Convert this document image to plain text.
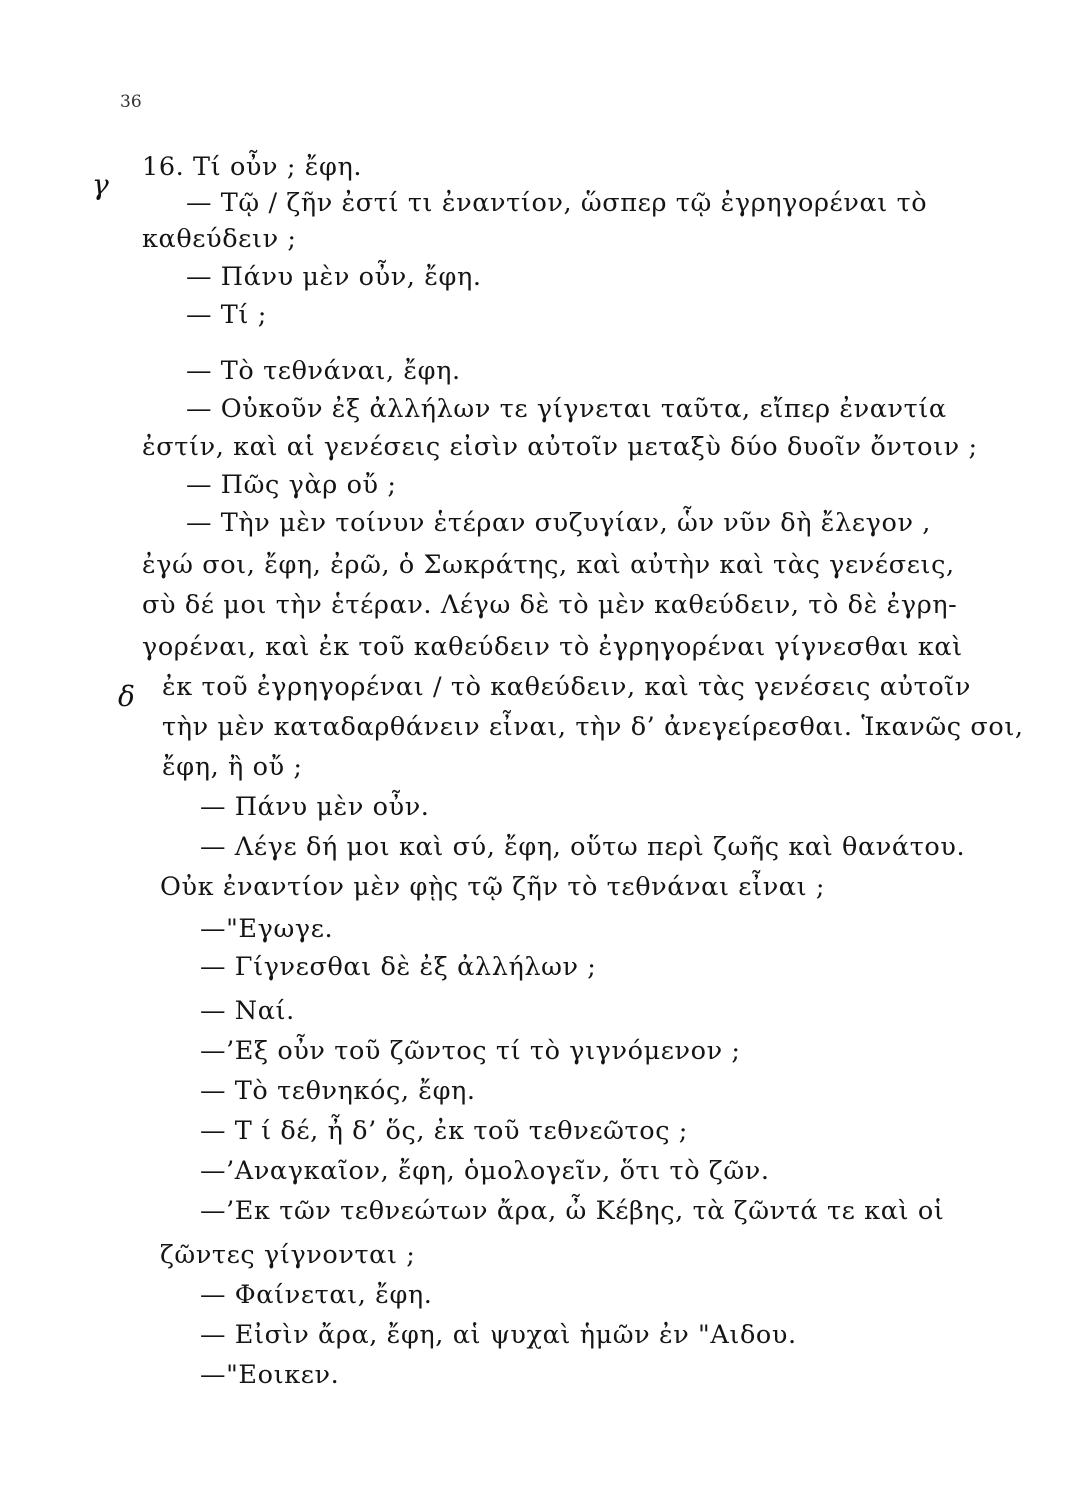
36
γ
δ
16. Τί οὖν ; ἔφη.
— Τῷ / ζῆν ἐστί τι ἐναντίον, ὥσπερ τῷ ἐγρηγορέναι τὸ
καθεύδειν ;
— Πάνυ μὲν οὖν, ἔφη.
— Τί ;
— Τὸ τεθνάναι, ἔφη.
— Οὐκοῦν ἐξ ἀλλήλων τε γίγνεται ταῦτα, εἴπερ ἐναντία
ἐστίν, καὶ αἱ γενέσεις εἰσὶν αὐτοῖν μεταξὺ δύο δυοῖν ὄντοιν ;
— Πῶς γὰρ οὔ ;
— Τὴν μὲν τοίνυν ἑτέραν συζυγίαν, ὧν νῦν δὴ ἔλεγον ,
ἐγώ σοι, ἔφη, ἐρῶ, ὁ Σωκράτης, καὶ αὐτὴν καὶ τὰς γενέσεις,
σὺ δέ μοι τὴν ἑτέραν. Λέγω δὲ τὸ μὲν καθεύδειν, τὸ δὲ ἐγρη-
γορέναι, καὶ ἐκ τοῦ καθεύδειν τὸ ἐγρηγορέναι γίγνεσθαι καὶ
ἐκ τοῦ ἐγρηγορέναι / τὸ καθεύδειν, καὶ τὰς γενέσεις αὐτοῖν
τὴν μὲν καταδαρθάνειν εἶναι, τὴν δ’ ἀνεγείρεσθαι. Ἱκανῶς σοι,
ἔφη, ἢ οὔ ;
— Πάνυ μὲν οὖν.
— Λέγε δή μοι καὶ σύ, ἔφη, οὕτω περὶ ζωῆς καὶ θανάτου.
Οὐκ ἐναντίον μὲν φῂς τῷ ζῆν τὸ τεθνάναι εἶναι ;
—"Εγωγε.
— Γίγνεσθαι δὲ ἐξ ἀλλήλων ;
— Ναί.
—’Εξ οὖν τοῦ ζῶντος τί τὸ γιγνόμενον ;
— Τὸ τεθνηκός, ἔφη.
— Τ ί δέ, ἦ δ’ ὅς, ἐκ τοῦ τεθνεῶτος ;
—’Αναγκαῖον, ἔφη, ὁμολογεῖν, ὅτι τὸ ζῶν.
—’Εκ τῶν τεθνεώτων ἄρα, ὦ Κέβης, τὰ ζῶντά τε καὶ οἱ
ζῶντες γίγνονται ;
— Φαίνεται, ἔφη.
— Εἰσὶν ἄρα, ἔφη, αἱ ψυχαὶ ἡμῶν ἐν "Αιδου.
—"Εοικεν.
